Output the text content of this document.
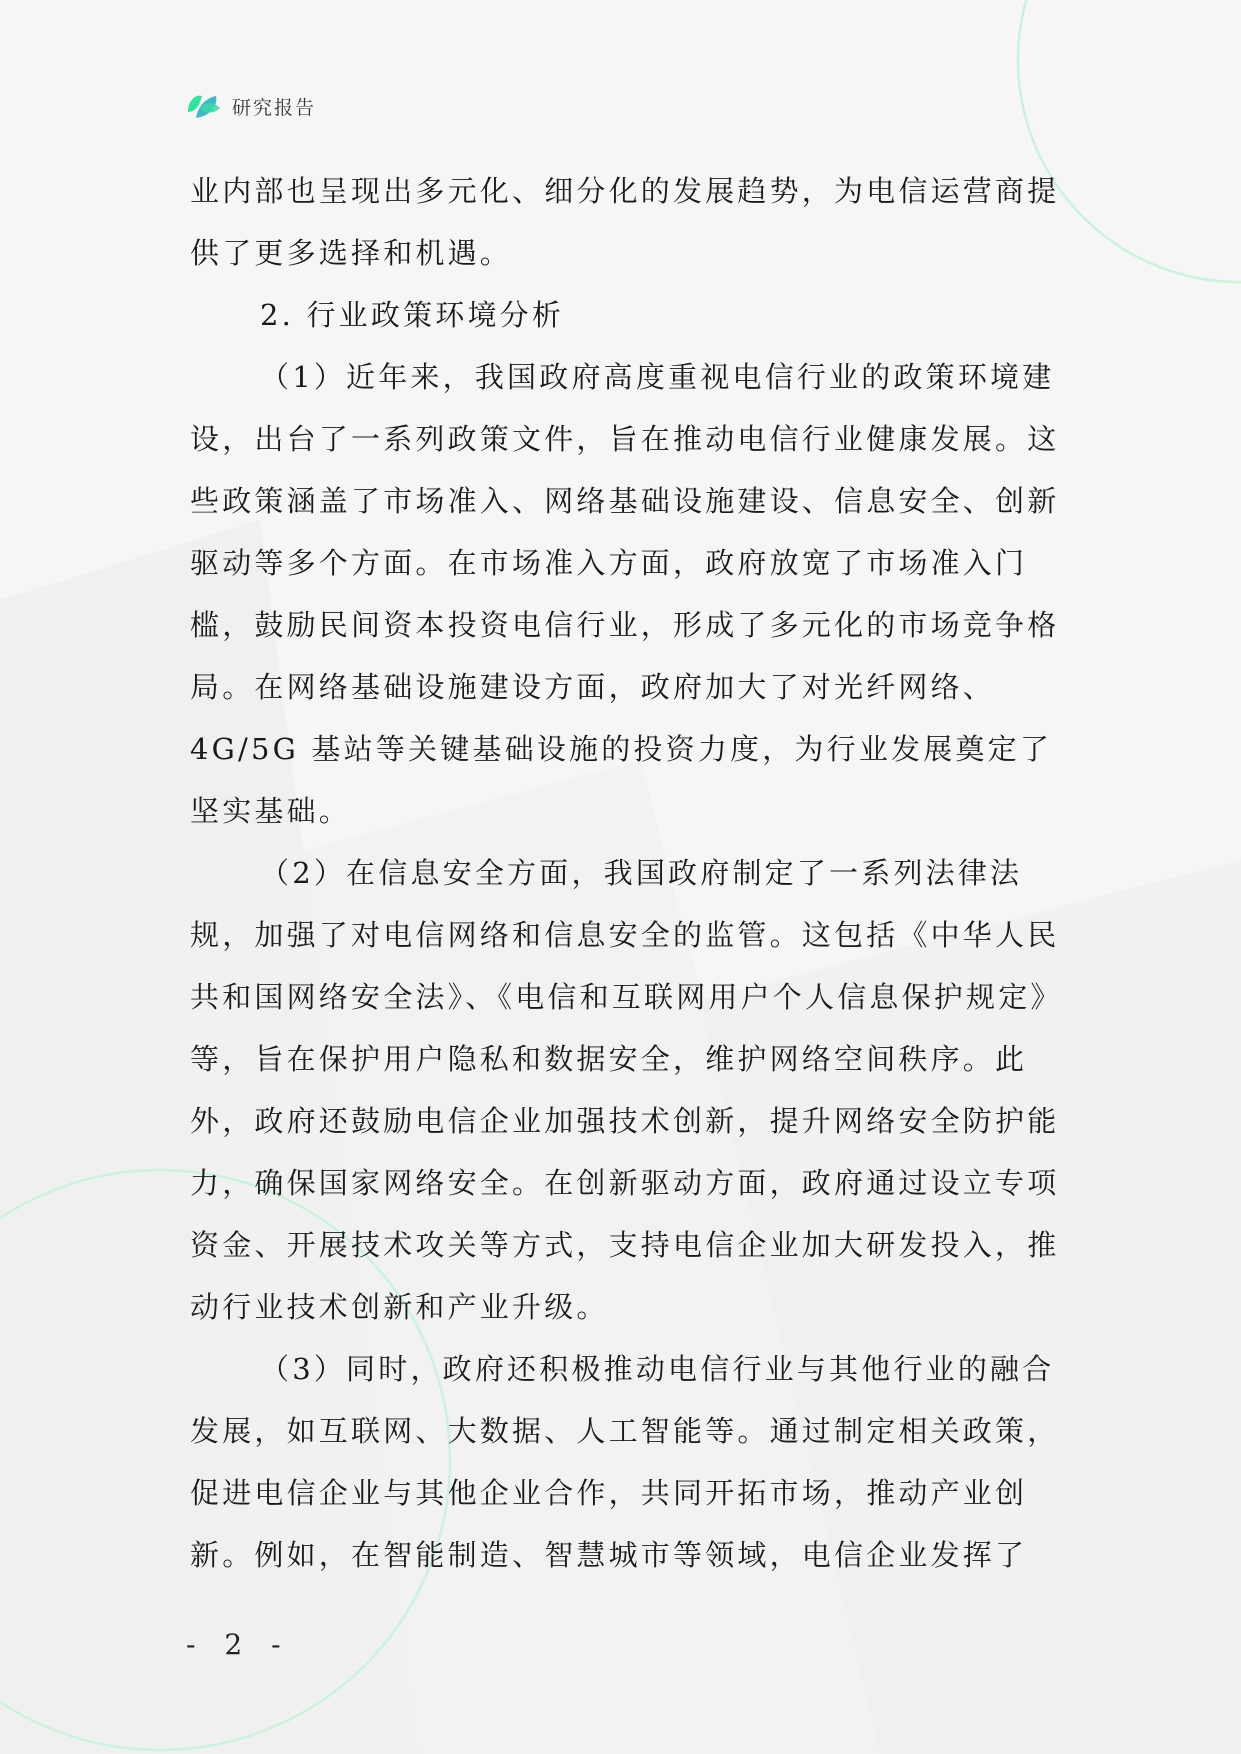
研究报告

业内部也呈现出多元化、细分化的发展趋势，为电信运营商提供了更多选择和机遇。

2. 行业政策环境分析

（1）近年来，我国政府高度重视电信行业的政策环境建设，出台了一系列政策文件，旨在推动电信行业健康发展。这些政策涵盖了市场准入、网络基础设施建设、信息安全、创新驱动等多个方面。在市场准入方面，政府放宽了市场准入门槛，鼓励民间资本投资电信行业，形成了多元化的市场竞争格局。在网络基础设施建设方面，政府加大了对光纤网络、4G/5G 基站等关键基础设施的投资力度，为行业发展奠定了坚实基础。

（2）在信息安全方面，我国政府制定了一系列法律法规，加强了对电信网络和信息安全的监管。这包括《中华人民共和国网络安全法》、《电信和互联网用户个人信息保护规定》等，旨在保护用户隐私和数据安全，维护网络空间秩序。此外，政府还鼓励电信企业加强技术创新，提升网络安全防护能力，确保国家网络安全。在创新驱动方面，政府通过设立专项资金、开展技术攻关等方式，支持电信企业加大研发投入，推动行业技术创新和产业升级。

（3）同时，政府还积极推动电信行业与其他行业的融合发展，如互联网、大数据、人工智能等。通过制定相关政策，促进电信企业与其他企业合作，共同开拓市场，推动产业创新。例如，在智能制造、智慧城市等领域，电信企业发挥了

- 2 -
